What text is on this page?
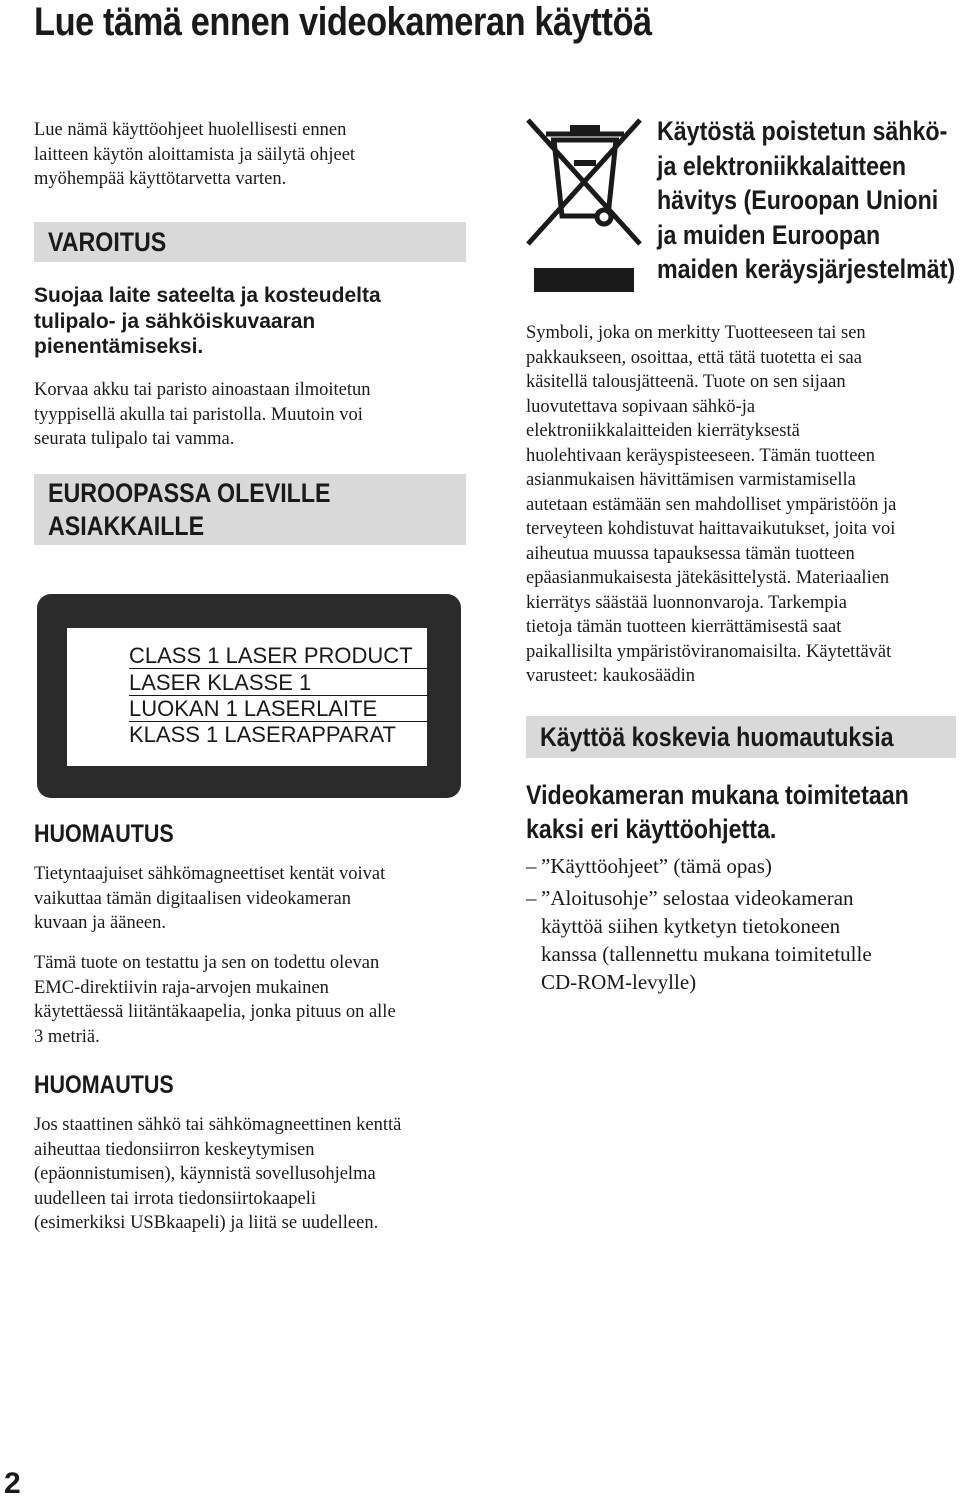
Lue tämä ennen videokameran käyttöä
Lue nämä käyttöohjeet huolellisesti ennen
laitteen käytön aloittamista ja säilytä ohjeet
myöhempää käyttötarvetta varten.
VAROITUS
Suojaa laite sateelta ja kosteudelta
tulipalo- ja sähköiskuvaaran
pienentämiseksi.
Korvaa akku tai paristo ainoastaan ilmoitetun
tyyppisellä akulla tai paristolla. Muutoin voi
seurata tulipalo tai vamma.
EUROOPASSA OLEVILLE
ASIAKKAILLE
CLASS 1 LASER PRODUCT
LASER KLASSE 1
LUOKAN 1 LASERLAITE
KLASS 1 LASERAPPARAT
HUOMAUTUS
Tietyntaajuiset sähkömagneettiset kentät voivat
vaikuttaa tämän digitaalisen videokameran
kuvaan ja ääneen.
Tämä tuote on testattu ja sen on todettu olevan
EMC-direktiivin raja-arvojen mukainen
käytettäessä liitäntäkaapelia, jonka pituus on alle
3 metriä.
HUOMAUTUS
Jos staattinen sähkö tai sähkömagneettinen kenttä
aiheuttaa tiedonsiirron keskeytymisen
(epäonnistumisen), käynnistä sovellusohjelma
uudelleen tai irrota tiedonsiirtokaapeli
(esimerkiksi USBkaapeli) ja liitä se uudelleen.
Käytöstä poistetun sähkö-
ja elektroniikkalaitteen
hävitys (Euroopan Unioni
ja muiden Euroopan
maiden keräysjärjestelmät)
Symboli, joka on merkitty Tuotteeseen tai sen
pakkaukseen, osoittaa, että tätä tuotetta ei saa
käsitellä talousjätteenä. Tuote on sen sijaan
luovutettava sopivaan sähkö-ja
elektroniikkalaitteiden kierrätyksestä
huolehtivaan keräyspisteeseen. Tämän tuotteen
asianmukaisen hävittämisen varmistamisella
autetaan estämään sen mahdolliset ympäristöön ja
terveyteen kohdistuvat haittavaikutukset, joita voi
aiheutua muussa tapauksessa tämän tuotteen
epäasianmukaisesta jätekäsittelystä. Materiaalien
kierrätys säästää luonnonvaroja. Tarkempia
tietoja tämän tuotteen kierrättämisestä saat
paikallisilta ympäristöviranomaisilta. Käytettävät
varusteet: kaukosäädin
Käyttöä koskevia huomautuksia
Videokameran mukana toimitetaan
kaksi eri käyttöohjetta.
– ”Käyttöohjeet” (tämä opas)
– ”Aloitusohje” selostaa videokameran
käyttöä siihen kytketyn tietokoneen
kanssa (tallennettu mukana toimitetulle
CD-ROM-levylle)
2
